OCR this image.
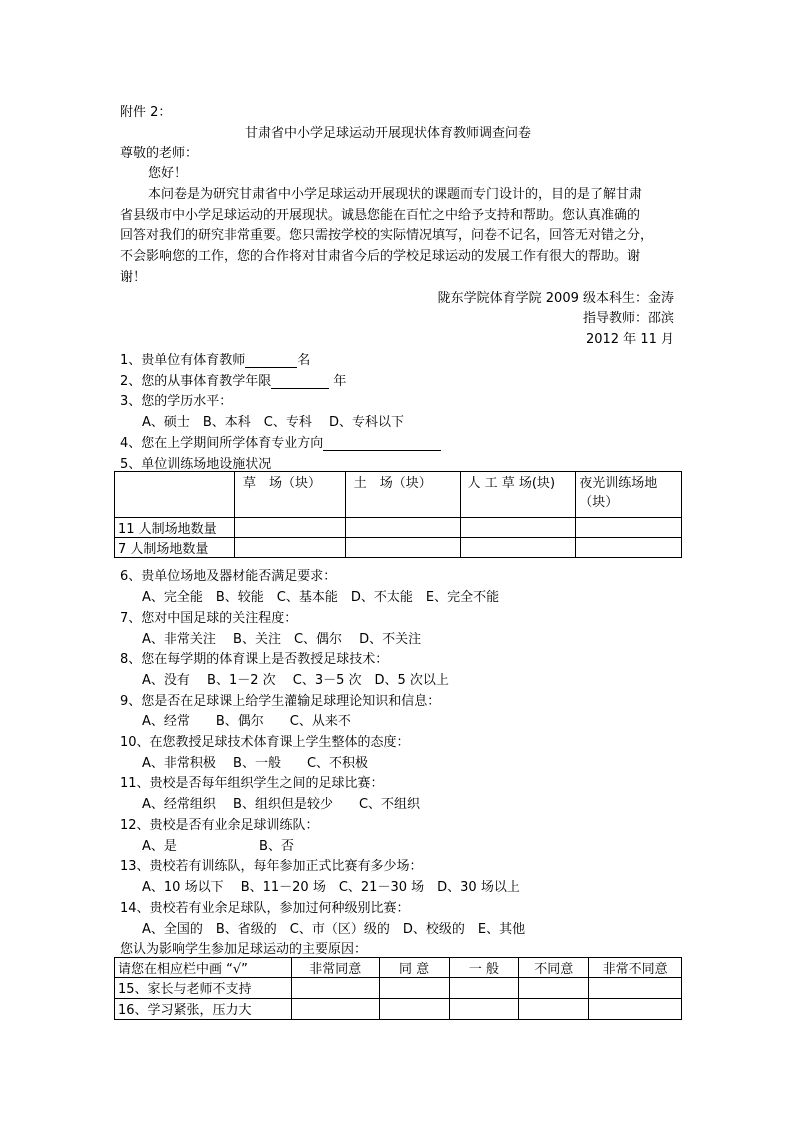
附件 2：
甘肃省中小学足球运动开展现状体育教师调查问卷
尊敬的老师：
您好！
本问卷是为研究甘肃省中小学足球运动开展现状的课题而专门设计的，目的是了解甘肃
省县级市中小学足球运动的开展现状。诚恳您能在百忙之中给予支持和帮助。您认真准确的
回答对我们的研究非常重要。您只需按学校的实际情况填写，问卷不记名，回答无对错之分，
不会影响您的工作，您的合作将对甘肃省今后的学校足球运动的发展工作有很大的帮助。谢
谢！
陇东学院体育学院 2009 级本科生：金涛
指导教师：邵滨
2012 年 11 月
1、贵单位有体育教师	名
2、您的从事体育教学年限	年
3、您的学历水平：
A、硕士　B、本科　C、专科　 D、专科以下
4、您在上学期间所学体育专业方向
5、单位训练场地设施状况
	草　场（块）	土　场（块）	人 工 草 场(块)	夜光训练场地（块）
11 人制场地数量				
7 人制场地数量				
6、贵单位场地及器材能否满足要求：
A、完全能　B、较能　C、基本能　D、不太能　E、完全不能
7、您对中国足球的关注程度：
A、非常关注　 B、关注　C、偶尔　 D、不关注
8、您在每学期的体育课上是否教授足球技术：
A、没有　 B、1－2 次　 C、3－5 次　D、5 次以上
9、您是否在足球课上给学生灌输足球理论知识和信息：
A、经常　　B、偶尔　　C、从来不
10、在您教授足球技术体育课上学生整体的态度：
A、非常积极　 B、一般　　C、不积极
11、贵校是否每年组织学生之间的足球比赛：
A、经常组织　 B、组织但是较少　　C、不组织
12、贵校是否有业余足球训练队：
A、是　　　　　　 B、否
13、贵校若有训练队，每年参加正式比赛有多少场：
A、10 场以下　 B、11－20 场　C、21－30 场　D、30 场以上
14、贵校若有业余足球队，参加过何种级别比赛：
A、全国的　B、省级的　C、市（区）级的　D、校级的　E、其他
您认为影响学生参加足球运动的主要原因：
请您在相应栏中画 “√”	非常同意	同 意	一 般	不同意	非常不同意
15、家长与老师不支持					
16、学习紧张，压力大					
